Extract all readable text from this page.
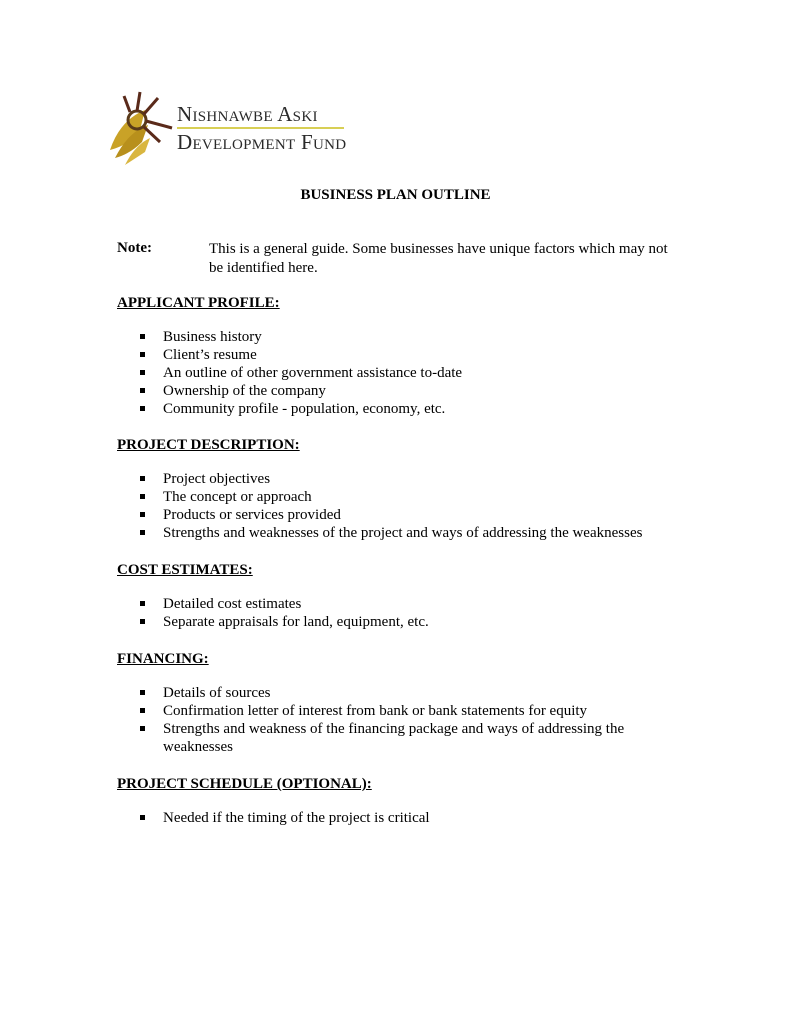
Nishnawbe Aski
Development Fund
BUSINESS PLAN OUTLINE
Note:	This is a general guide. Some businesses have unique factors which may not be identified here.
APPLICANT PROFILE:
Business history
Client’s resume
An outline of other government assistance to-date
Ownership of the company
Community profile - population, economy, etc.
PROJECT DESCRIPTION:
Project objectives
The concept or approach
Products or services provided
Strengths and weaknesses of the project and ways of addressing the weaknesses
COST ESTIMATES:
Detailed cost estimates
Separate appraisals for land, equipment, etc.
FINANCING:
Details of sources
Confirmation letter of interest from bank or bank statements for equity
Strengths and weakness of the financing package and ways of addressing the weaknesses
PROJECT SCHEDULE (OPTIONAL):
Needed if the timing of the project is critical
